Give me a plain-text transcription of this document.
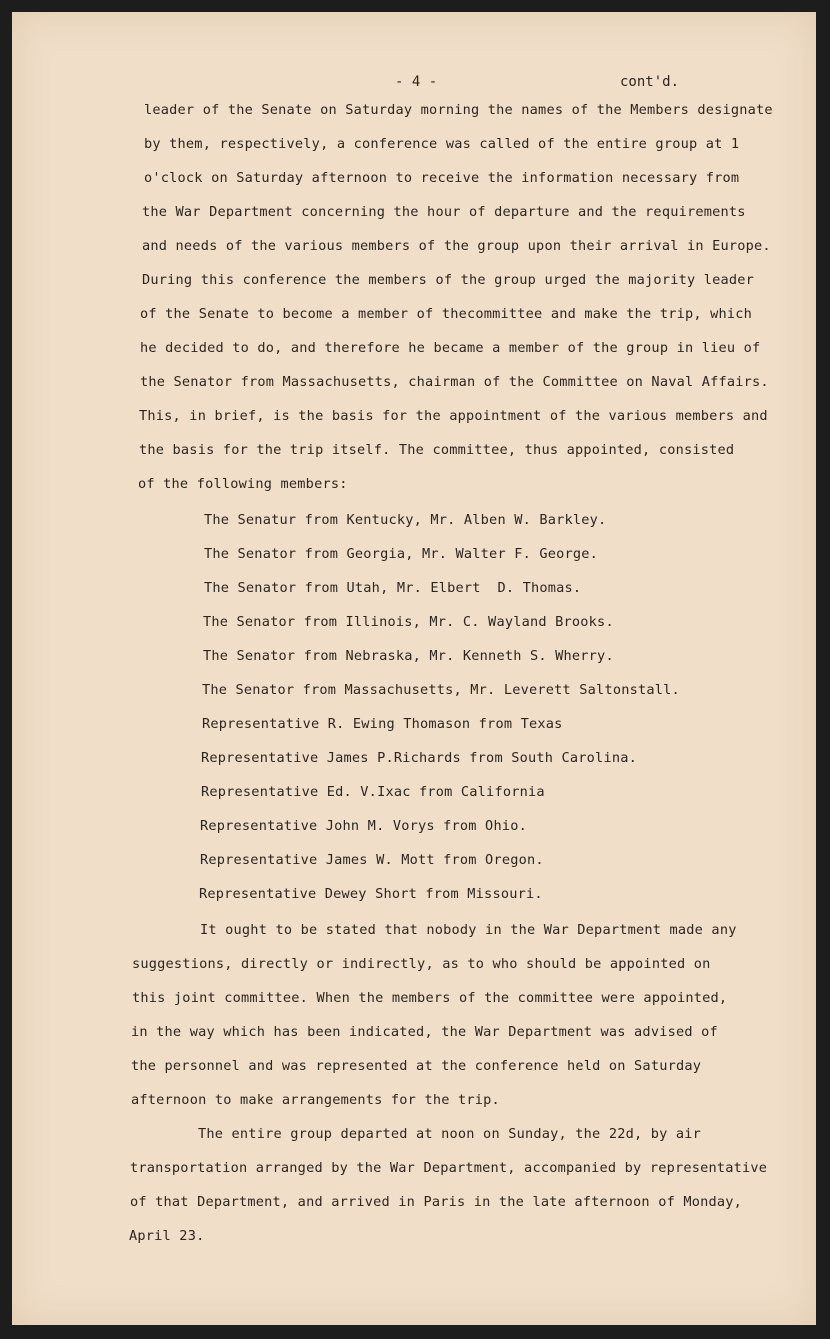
- 4 -	cont'd.
leader of the Senate on Saturday morning the names of the Members designate
by them, respectively, a conference was called of the entire group at 1
o'clock on Saturday afternoon to receive the information necessary from
the War Department concerning the hour of departure and the requirements
and needs of the various members of the group upon their arrival in Europe.
During this conference the members of the group urged the majority leader
of the Senate to become a member of thecommittee and make the trip, which
he decided to do, and therefore he became a member of the group in lieu of
the Senator from Massachusetts, chairman of the Committee on Naval Affairs.
This, in brief, is the basis for the appointment of the various members and
the basis for the trip itself. The committee, thus appointed, consisted
of the following members:
The Senatur from Kentucky, Mr. Alben W. Barkley.
The Senator from Georgia, Mr. Walter F. George.
The Senator from Utah, Mr. Elbert  D. Thomas.
The Senator from Illinois, Mr. C. Wayland Brooks.
The Senator from Nebraska, Mr. Kenneth S. Wherry.
The Senator from Massachusetts, Mr. Leverett Saltonstall.
Representative R. Ewing Thomason from Texas
Representative James P.Richards from South Carolina.
Representative Ed. V.Ixac from California
Representative John M. Vorys from Ohio.
Representative James W. Mott from Oregon.
Representative Dewey Short from Missouri.
It ought to be stated that nobody in the War Department made any
suggestions, directly or indirectly, as to who should be appointed on
this joint committee. When the members of the committee were appointed,
in the way which has been indicated, the War Department was advised of
the personnel and was represented at the conference held on Saturday
afternoon to make arrangements for the trip.
The entire group departed at noon on Sunday, the 22d, by air
transportation arranged by the War Department, accompanied by representative
of that Department, and arrived in Paris in the late afternoon of Monday,
April 23.
